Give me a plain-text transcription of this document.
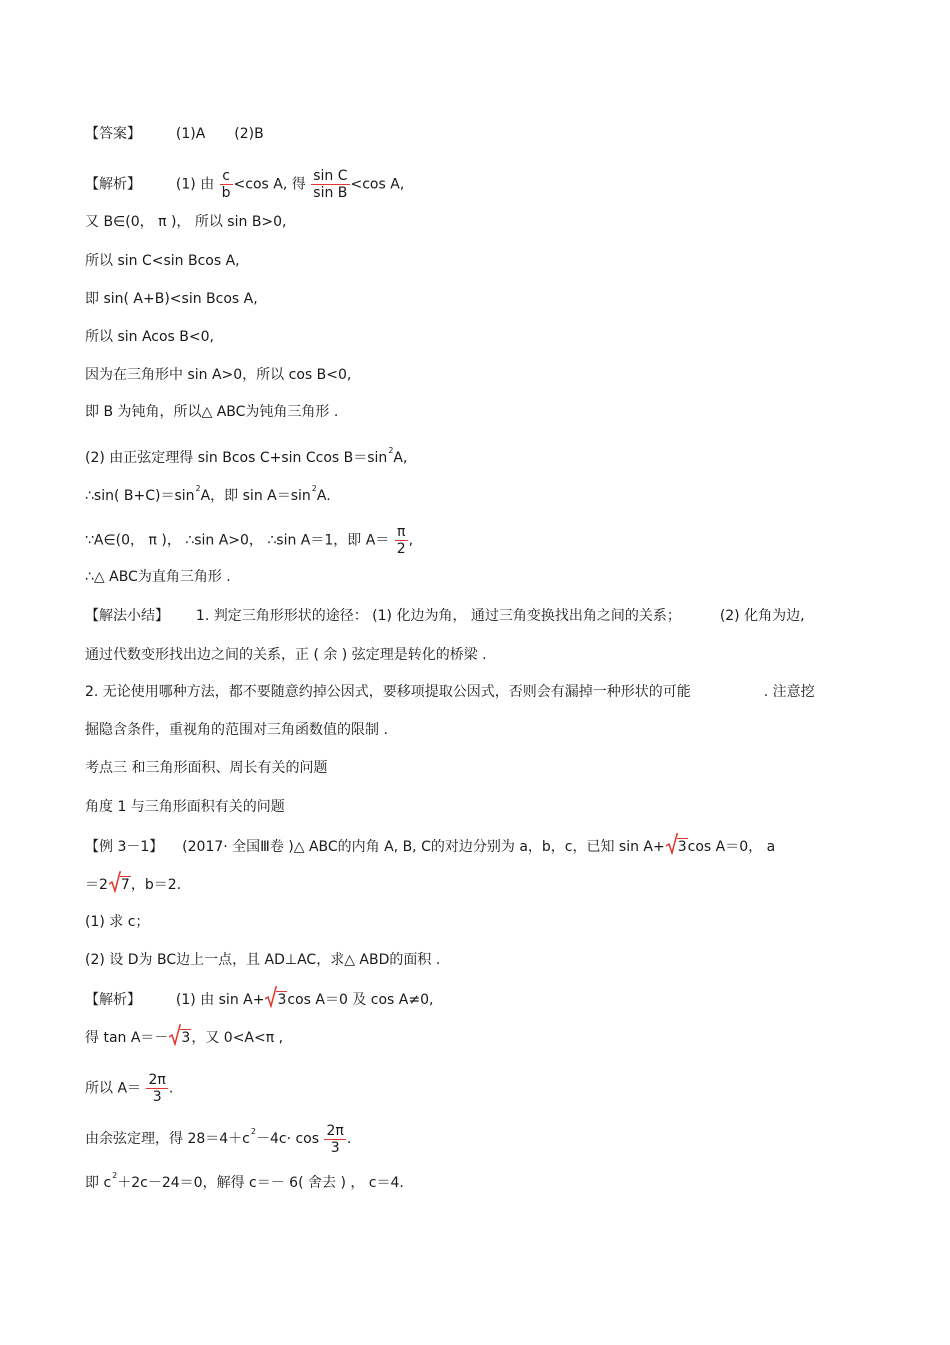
【答案】 (1)A (2)B
【解析】 (1) 由 $\frac{c}{b} <\cos$ A, 得 $\frac{\text{sin C}}{\text{sin B}} <\cos$ A,
又 B∈(0， π )， 所以 sin B>0,
所以 sin C<sin Bcos A,
即 sin( A+B)<sin Bcos A,
所以 sin Acos B<0,
因为在三角形中 sin A>0，所以 cos B<0,
即 B 为钝角，所以△ ABC为钝角三角形 .
(2) 由正弦定理得 sin Bcos C+sin Ccos $B=\sin^2A$,
∴sin( $B+C)=\sin^2A$，即 $\sin A=\sin^2A$.
∵A∈(0， π )， ∴sin A>0， ∴sin A＝1，即 $A= \frac{\pi}{2}$ ,
∴△ ABC为直角三角形 .
【解法小结】 1. 判定三角形形状的途径： (1) 化边为角， 通过三角变换找出角之间的关系；	(2) 化角为边,
通过代数变形找出边之间的关系，正 ( 余 ) 弦定理是转化的桥梁 .
2. 无论使用哪种方法，都不要随意约掉公因式，要移项提取公因式，否则会有漏掉一种形状的可能	. 注意挖
掘隐含条件，重视角的范围对三角函数值的限制 .
考点三 和三角形面积、周长有关的问题
角度 1 与三角形面积有关的问题
【例 3－1】 (2017· 全国Ⅲ卷 )△ ABC的内角 A, B, C的对边分别为 a，b，c，已知 sin A+ 3cos A＝0， a
＝2 7，b＝2.
(1) 求 c；
(2) 设 D为 BC边上一点，且 AD⊥AC，求△ ABD的面积 .
【解析】 (1) 由 sin A+ 3cos A＝0 及 cos A≠0,
得 tan A＝－ 3，又 0<A<π ,
所以 $A= \frac{2\pi}{3}$ .
由余弦定理，得 $28=4+c^2-4c\cdot \cos \frac{2\pi}{3}$ .
即 $c^2+2c-24=0$，解得 c＝－ 6( 舍去 ) ， c＝4.
